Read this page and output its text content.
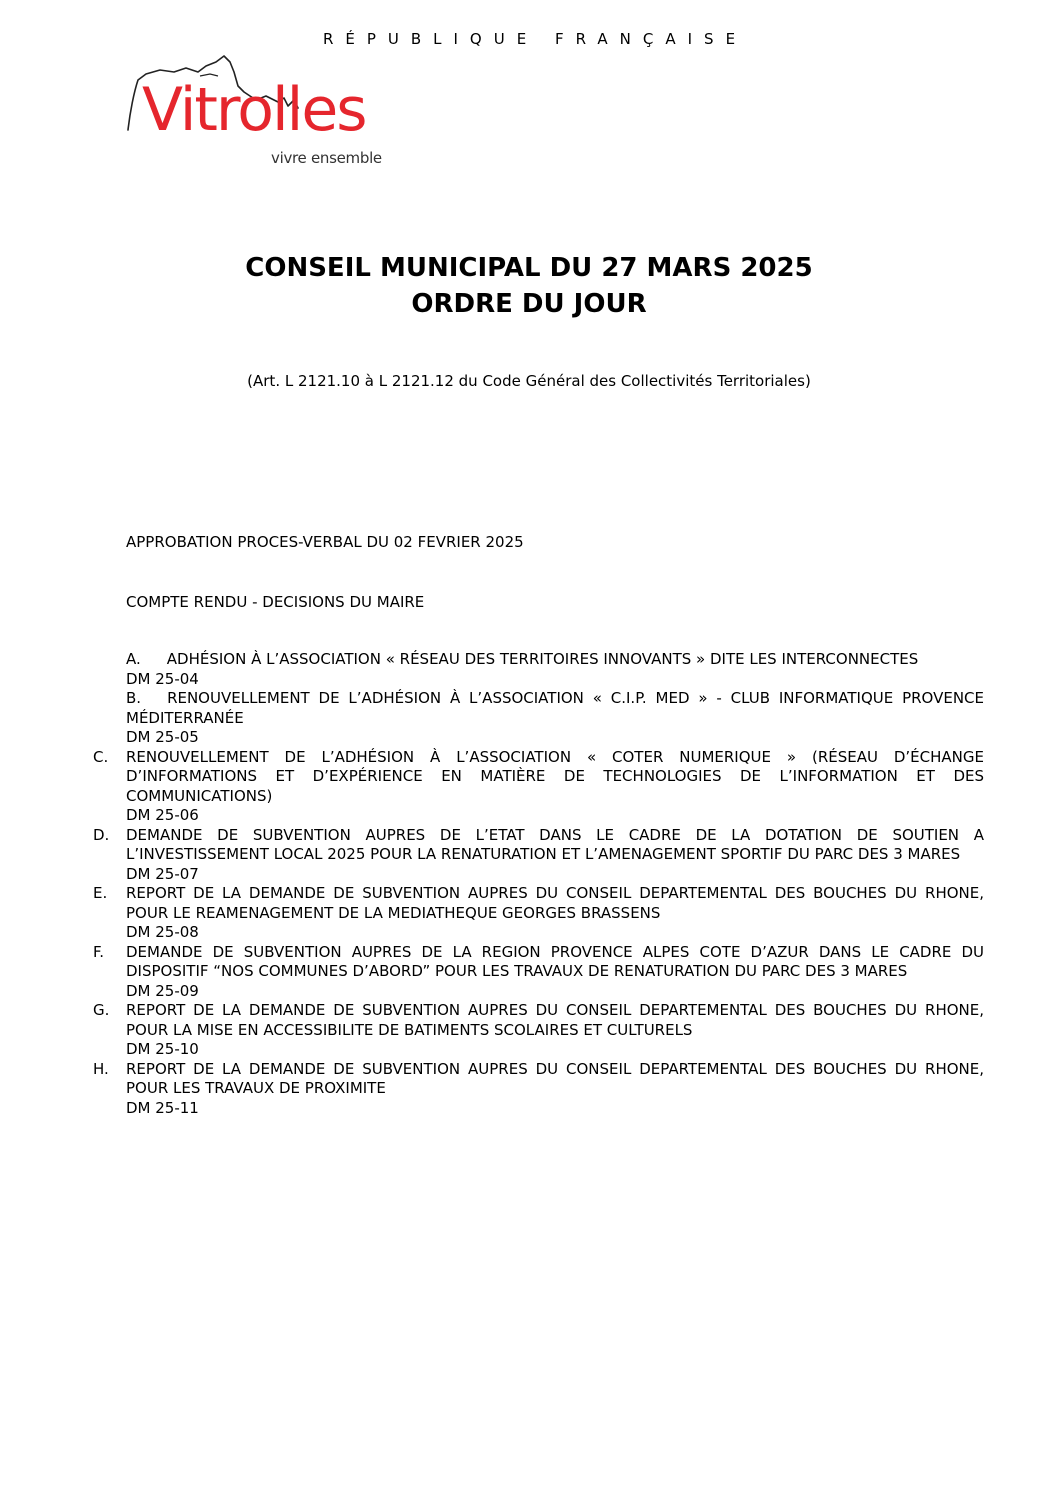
RÉPUBLIQUE FRANÇAISE
Vitrolles
vivre ensemble
CONSEIL MUNICIPAL DU 27 MARS 2025
ORDRE DU JOUR
(Art. L 2121.10 à L 2121.12 du Code Général des Collectivités Territoriales)
APPROBATION PROCES-VERBAL DU 02 FEVRIER 2025
COMPTE RENDU - DECISIONS DU MAIRE
A. ADHÉSION À L’ASSOCIATION « RÉSEAU DES TERRITOIRES INNOVANTS » DITE LES INTERCONNECTES
DM 25-04
B. RENOUVELLEMENT DE L’ADHÉSION À L’ASSOCIATION « C.I.P. MED » - CLUB INFORMATIQUE PROVENCE MÉDITERRANÉE
DM 25-05
C. RENOUVELLEMENT DE L’ADHÉSION À L’ASSOCIATION « COTER NUMERIQUE » (RÉSEAU D’ÉCHANGE D’INFORMATIONS ET D’EXPÉRIENCE EN MATIÈRE DE TECHNOLOGIES DE L’INFORMATION ET DES COMMUNICATIONS)
DM 25-06
D. DEMANDE DE SUBVENTION AUPRES DE L’ETAT DANS LE CADRE DE LA DOTATION DE SOUTIEN A L’INVESTISSEMENT LOCAL 2025 POUR LA RENATURATION ET L’AMENAGEMENT SPORTIF DU PARC DES 3 MARES
DM 25-07
E. REPORT DE LA DEMANDE DE SUBVENTION AUPRES DU CONSEIL DEPARTEMENTAL DES BOUCHES DU RHONE, POUR LE REAMENAGEMENT DE LA MEDIATHEQUE GEORGES BRASSENS
DM 25-08
F. DEMANDE DE SUBVENTION AUPRES DE LA REGION PROVENCE ALPES COTE D’AZUR DANS LE CADRE DU DISPOSITIF “NOS COMMUNES D’ABORD” POUR LES TRAVAUX DE RENATURATION DU PARC DES 3 MARES
DM 25-09
G. REPORT DE LA DEMANDE DE SUBVENTION AUPRES DU CONSEIL DEPARTEMENTAL DES BOUCHES DU RHONE, POUR LA MISE EN ACCESSIBILITE DE BATIMENTS SCOLAIRES ET CULTURELS
DM 25-10
H. REPORT DE LA DEMANDE DE SUBVENTION AUPRES DU CONSEIL DEPARTEMENTAL DES BOUCHES DU RHONE, POUR LES TRAVAUX DE PROXIMITE
DM 25-11
